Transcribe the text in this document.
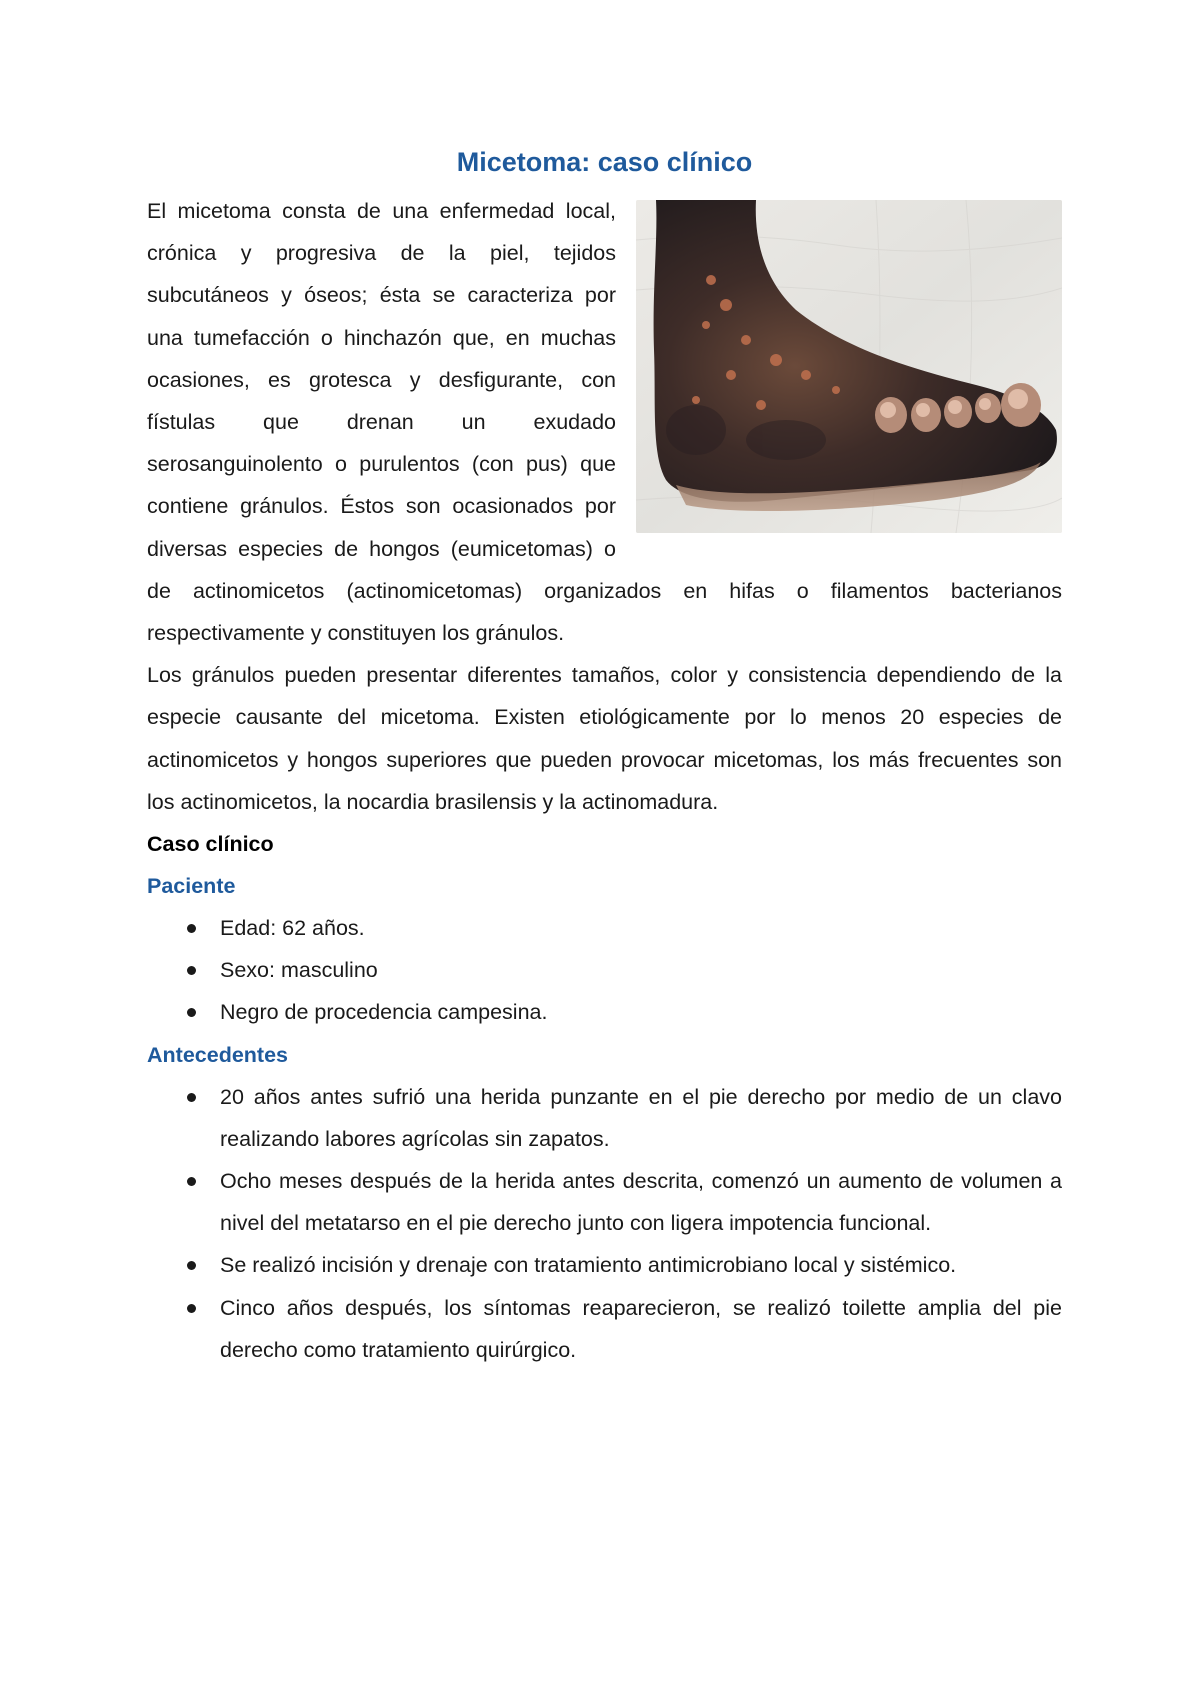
Micetoma: caso clínico

El micetoma consta de una enfermedad local, crónica y progresiva de la piel, tejidos subcutáneos y óseos; ésta se caracteriza por una tumefacción o hinchazón que, en muchas ocasiones, es grotesca y desfigurante, con fístulas que drenan un exudado serosanguinolento o purulentos (con pus) que contiene gránulos. Éstos son ocasionados por diversas especies de hongos (eumicetomas) o de actinomicetos (actinomicetomas) organizados en hifas o filamentos bacterianos respectivamente y constituyen los gránulos.

Los gránulos pueden presentar diferentes tamaños, color y consistencia dependiendo de la especie causante del micetoma. Existen etiológicamente por lo menos 20 especies de actinomicetos y hongos superiores que pueden provocar micetomas, los más frecuentes son los actinomicetos, la nocardia brasilensis y la actinomadura.

Caso clínico
Paciente
Edad: 62 años.
Sexo: masculino
Negro de procedencia campesina.
Antecedentes
20 años antes sufrió una herida punzante en el pie derecho por medio de un clavo realizando labores agrícolas sin zapatos.
Ocho meses después de la herida antes descrita, comenzó un aumento de volumen a nivel del metatarso en el pie derecho junto con ligera impotencia funcional.
Se realizó incisión y drenaje con tratamiento antimicrobiano local y sistémico.
Cinco años después, los síntomas reaparecieron, se realizó toilette amplia del pie derecho como tratamiento quirúrgico.
